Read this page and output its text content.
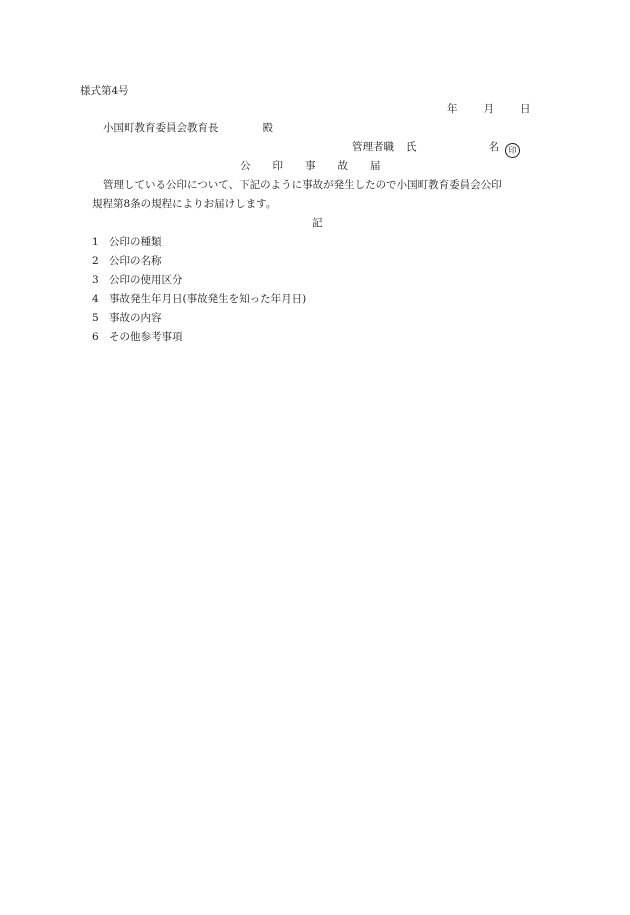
様式第4号
年 月 日
小国町教育委員会教育長	殿
管理者職 氏	名 印
公 印 事 故 届
管理している公印について、下記のように事故が発生したので小国町教育委員会公印
規程第8条の規程によりお届けします。
記
1 公印の種類
2 公印の名称
3 公印の使用区分
4 事故発生年月日(事故発生を知った年月日)
5 事故の内容
6 その他参考事項
